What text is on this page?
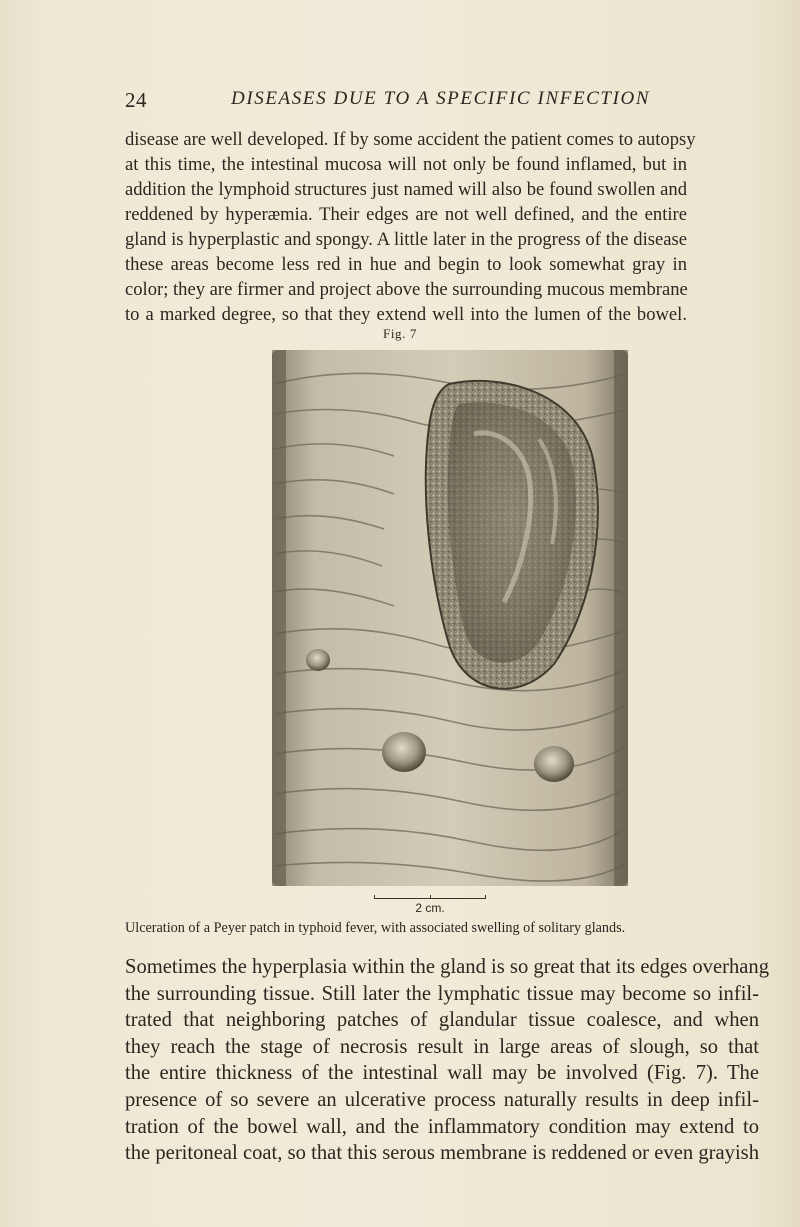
24	DISEASES DUE TO A SPECIFIC INFECTION
disease are well developed. If by some accident the patient comes to autopsy
at this time, the intestinal mucosa will not only be found inflamed, but in
addition the lymphoid structures just named will also be found swollen and
reddened by hyperæmia. Their edges are not well defined, and the entire
gland is hyperplastic and spongy. A little later in the progress of the disease
these areas become less red in hue and begin to look somewhat gray in
color; they are firmer and project above the surrounding mucous membrane
to a marked degree, so that they extend well into the lumen of the bowel.
Fig. 7
2 cm.
Ulceration of a Peyer patch in typhoid fever, with associated swelling of solitary glands.
Sometimes the hyperplasia within the gland is so great that its edges overhang
the surrounding tissue. Still later the lymphatic tissue may become so infil-
trated that neighboring patches of glandular tissue coalesce, and when
they reach the stage of necrosis result in large areas of slough, so that
the entire thickness of the intestinal wall may be involved (Fig. 7). The
presence of so severe an ulcerative process naturally results in deep infil-
tration of the bowel wall, and the inflammatory condition may extend to
the peritoneal coat, so that this serous membrane is reddened or even grayish
